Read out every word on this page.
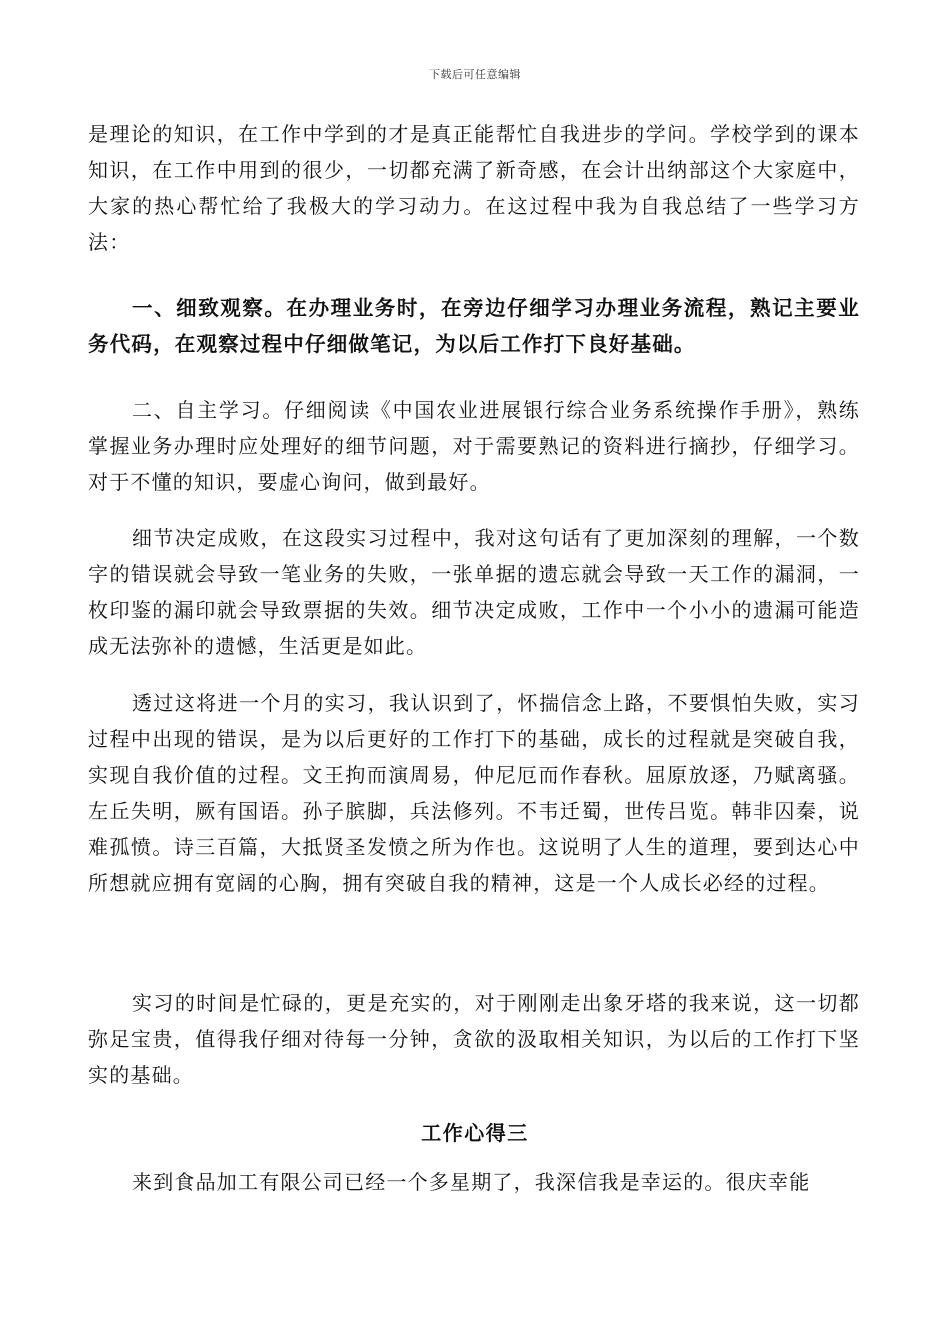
下载后可任意编辑

是理论的知识，在工作中学到的才是真正能帮忙自我进步的学问。学校学到的课本知识，在工作中用到的很少，一切都充满了新奇感，在会计出纳部这个大家庭中，大家的热心帮忙给了我极大的学习动力。在这过程中我为自我总结了一些学习方法：

一、细致观察。在办理业务时，在旁边仔细学习办理业务流程，熟记主要业务代码，在观察过程中仔细做笔记，为以后工作打下良好基础。

二、自主学习。仔细阅读《中国农业进展银行综合业务系统操作手册》，熟练掌握业务办理时应处理好的细节问题，对于需要熟记的资料进行摘抄，仔细学习。对于不懂的知识，要虚心询问，做到最好。

细节决定成败，在这段实习过程中，我对这句话有了更加深刻的理解，一个数字的错误就会导致一笔业务的失败，一张单据的遗忘就会导致一天工作的漏洞，一枚印鉴的漏印就会导致票据的失效。细节决定成败，工作中一个小小的遗漏可能造成无法弥补的遗憾，生活更是如此。

透过这将进一个月的实习，我认识到了，怀揣信念上路，不要惧怕失败，实习过程中出现的错误，是为以后更好的工作打下的基础，成长的过程就是突破自我，实现自我价值的过程。文王拘而演周易，仲尼厄而作春秋。屈原放逐，乃赋离骚。左丘失明，厥有国语。孙子膑脚，兵法修列。不韦迁蜀，世传吕览。韩非囚秦，说难孤愤。诗三百篇，大抵贤圣发愤之所为作也。这说明了人生的道理，要到达心中所想就应拥有宽阔的心胸，拥有突破自我的精神，这是一个人成长必经的过程。

实习的时间是忙碌的，更是充实的，对于刚刚走出象牙塔的我来说，这一切都弥足宝贵，值得我仔细对待每一分钟，贪欲的汲取相关知识，为以后的工作打下坚实的基础。

工作心得三

来到食品加工有限公司已经一个多星期了，我深信我是幸运的。很庆幸能
